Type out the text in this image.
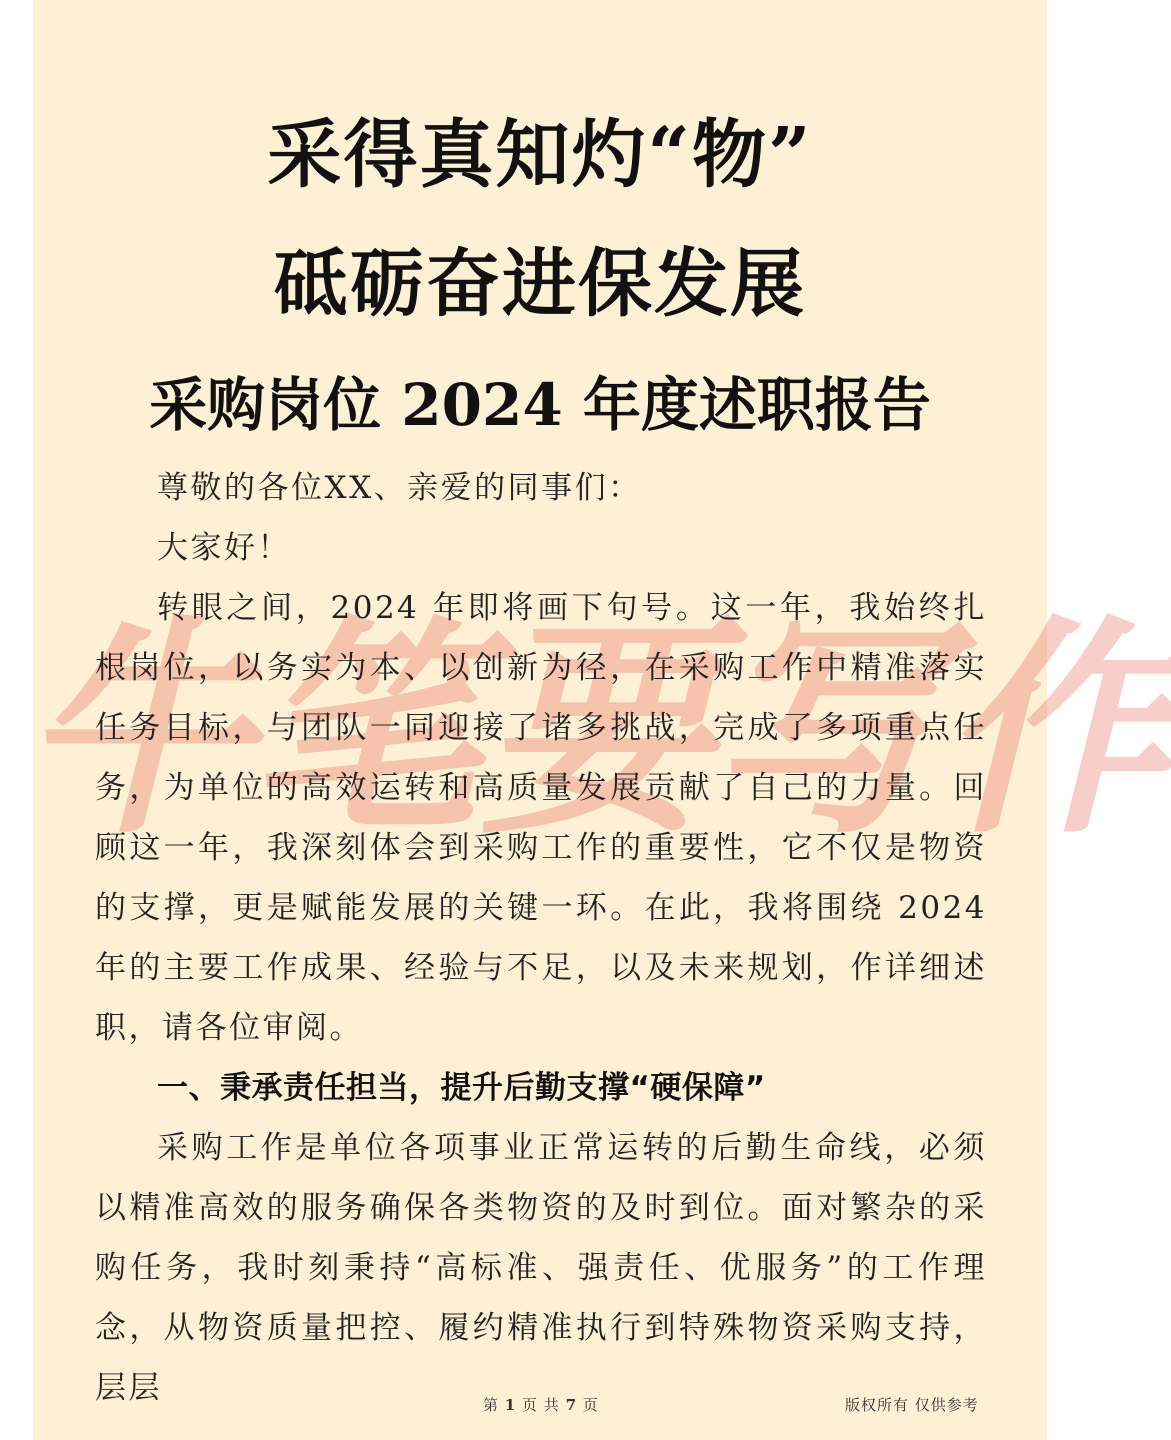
牛 笔 要 写 作
采得真知灼“物”
砥砺奋进保发展
采购岗位 2024 年度述职报告

尊敬的各位XX、亲爱的同事们：

大家好！

转眼之间，2024 年即将画下句号。这一年，我始终扎根岗位，以务实为本、以创新为径，在采购工作中精准落实任务目标，与团队一同迎接了诸多挑战，完成了多项重点任务，为单位的高效运转和高质量发展贡献了自己的力量。回顾这一年，我深刻体会到采购工作的重要性，它不仅是物资的支撑，更是赋能发展的关键一环。在此，我将围绕 2024 年的主要工作成果、经验与不足，以及未来规划，作详细述职，请各位审阅。

一、秉承责任担当，提升后勤支撑“硬保障”

采购工作是单位各项事业正常运转的后勤生命线，必须以精准高效的服务确保各类物资的及时到位。面对繁杂的采购任务，我时刻秉持“高标准、强责任、优服务”的工作理念，从物资质量把控、履约精准执行到特殊物资采购支持，层层	第 1 页 共 7 页	版权所有 仅供参考
